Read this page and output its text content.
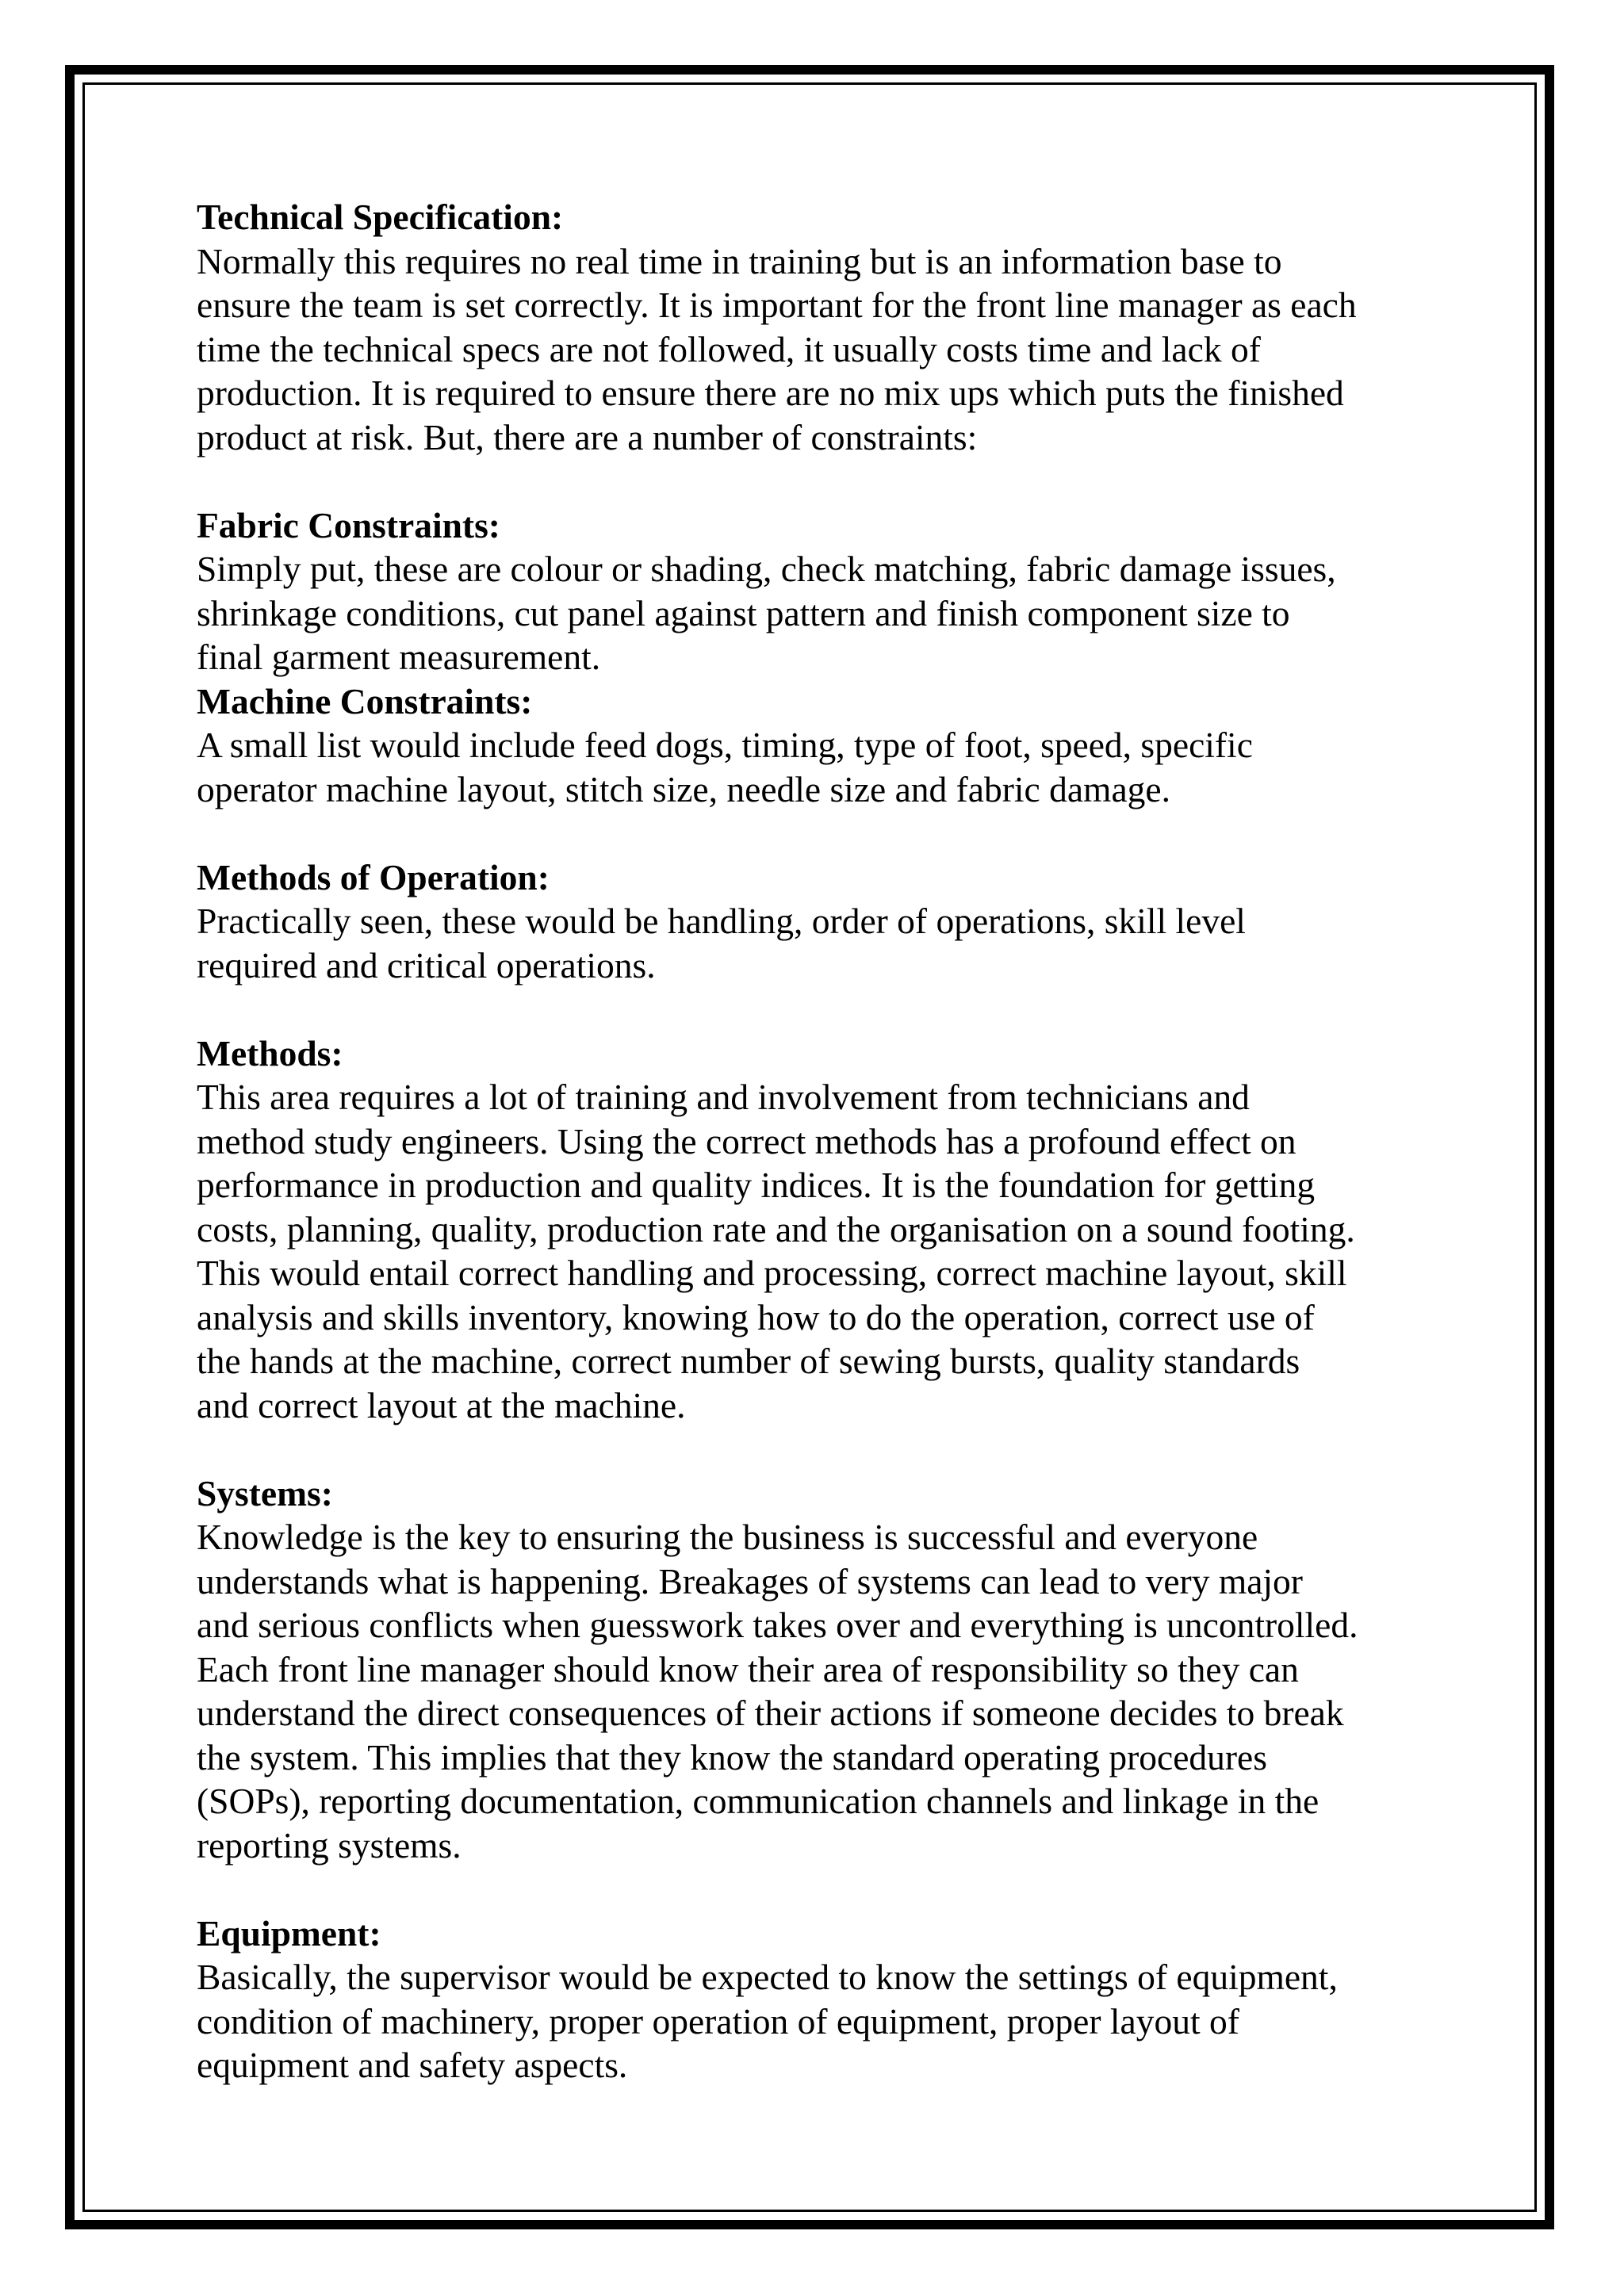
Technical Specification:
Normally this requires no real time in training but is an information base to
ensure the team is set correctly. It is important for the front line manager as each
time the technical specs are not followed, it usually costs time and lack of
production. It is required to ensure there are no mix ups which puts the finished
product at risk. But, there are a number of constraints:
Fabric Constraints:
Simply put, these are colour or shading, check matching, fabric damage issues,
shrinkage conditions, cut panel against pattern and finish component size to
final garment measurement.
Machine Constraints:
A small list would include feed dogs, timing, type of foot, speed, specific
operator machine layout, stitch size, needle size and fabric damage.
Methods of Operation:
Practically seen, these would be handling, order of operations, skill level
required and critical operations.
Methods:
This area requires a lot of training and involvement from technicians and
method study engineers. Using the correct methods has a profound effect on
performance in production and quality indices. It is the foundation for getting
costs, planning, quality, production rate and the organisation on a sound footing.
This would entail correct handling and processing, correct machine layout, skill
analysis and skills inventory, knowing how to do the operation, correct use of
the hands at the machine, correct number of sewing bursts, quality standards
and correct layout at the machine.
Systems:
Knowledge is the key to ensuring the business is successful and everyone
understands what is happening. Breakages of systems can lead to very major
and serious conflicts when guesswork takes over and everything is uncontrolled.
Each front line manager should know their area of responsibility so they can
understand the direct consequences of their actions if someone decides to break
the system. This implies that they know the standard operating procedures
(SOPs), reporting documentation, communication channels and linkage in the
reporting systems.
Equipment:
Basically, the supervisor would be expected to know the settings of equipment,
condition of machinery, proper operation of equipment, proper layout of
equipment and safety aspects.
